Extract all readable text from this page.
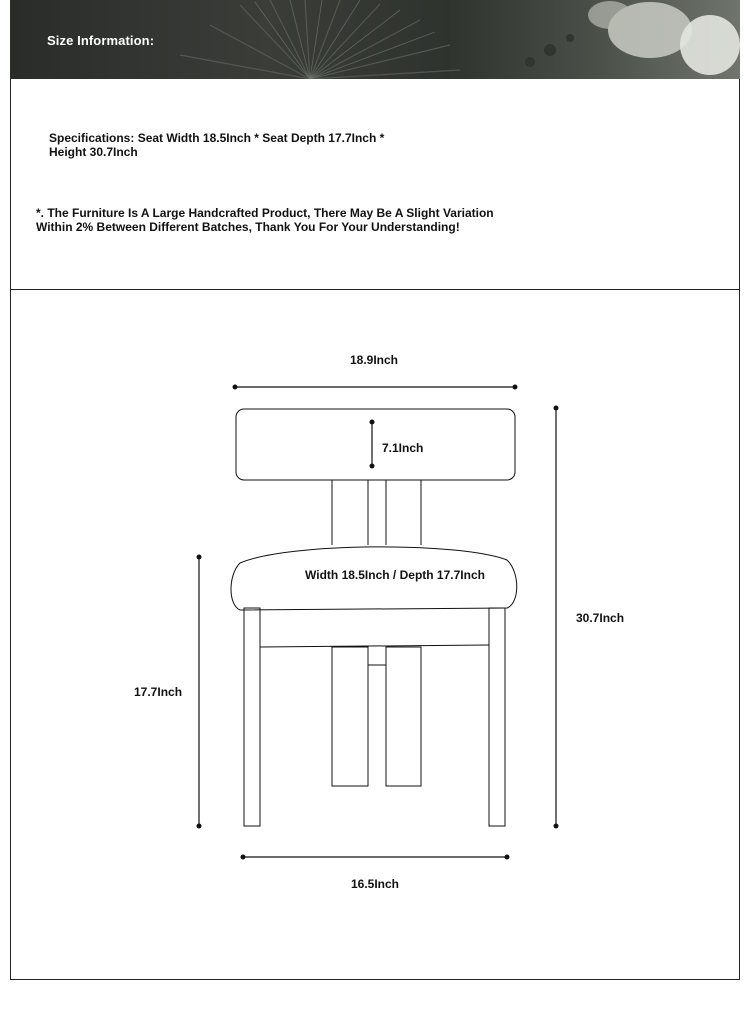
Size Information:
Specifications: Seat Width 18.5Inch * Seat Depth 17.7Inch * Height 30.7Inch
*. The Furniture Is A Large Handcrafted Product, There May Be A Slight Variation Within 2% Between Different Batches, Thank You For Your Understanding!
18.9Inch
7.1Inch
Width 18.5Inch / Depth 17.7Inch
30.7Inch
17.7Inch
16.5Inch
